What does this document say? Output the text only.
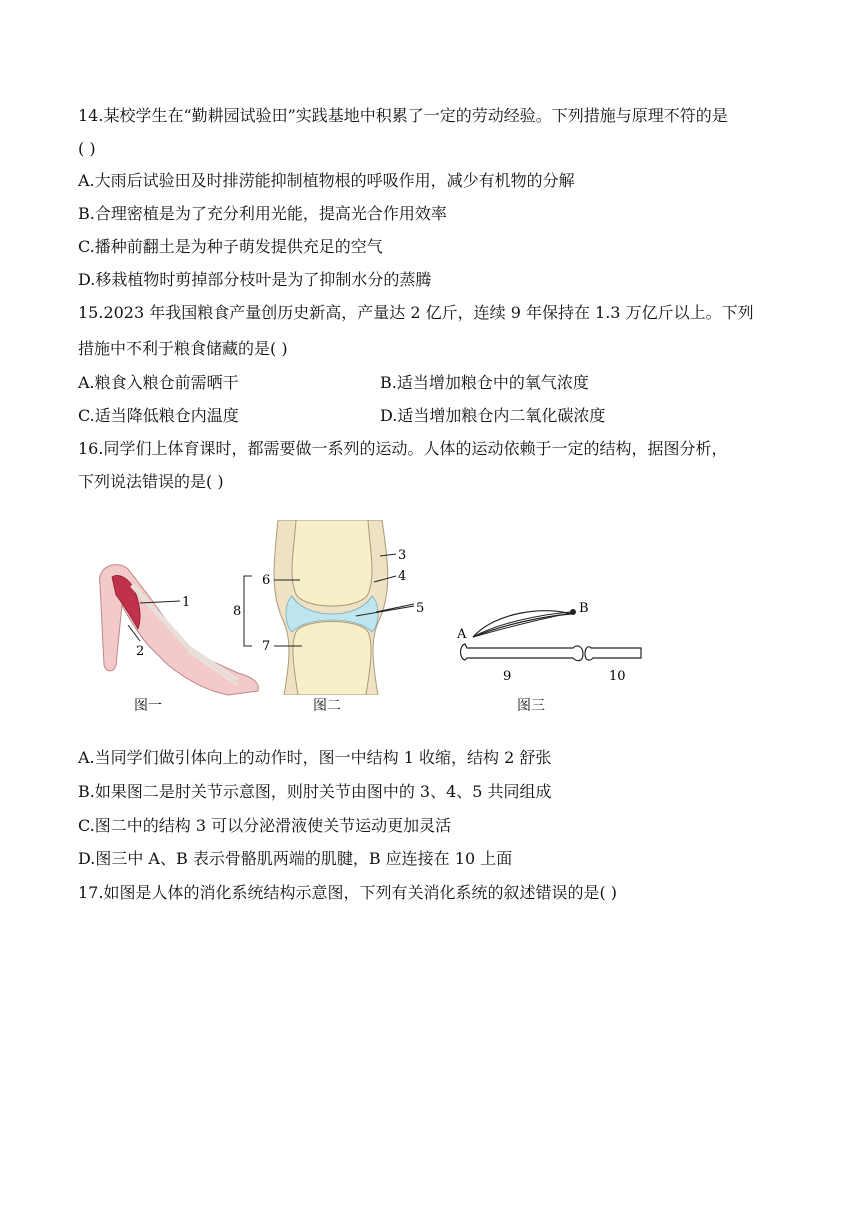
14.某校学生在“勤耕园试验田”实践基地中积累了一定的劳动经验。下列措施与原理不符的是
( )
A.大雨后试验田及时排涝能抑制植物根的呼吸作用，减少有机物的分解
B.合理密植是为了充分利用光能，提高光合作用效率
C.播种前翻土是为种子萌发提供充足的空气
D.移栽植物时剪掉部分枝叶是为了抑制水分的蒸腾
15.2023 年我国粮食产量创历史新高，产量达 2 亿斤，连续 9 年保持在 1.3 万亿斤以上。下列
措施中不利于粮食储藏的是( )
A.粮食入粮仓前需晒干	B.适当增加粮仓中的氧气浓度
C.适当降低粮仓内温度	D.适当增加粮仓内二氧化碳浓度
16.同学们上体育课时，都需要做一系列的运动。人体的运动依赖于一定的结构，据图分析，
下列说法错误的是( )
1
2
图一
3
4
5
6
7
8
图二
A
B
9	10
图三
A.当同学们做引体向上的动作时，图一中结构 1 收缩，结构 2 舒张
B.如果图二是肘关节示意图，则肘关节由图中的 3、4、5 共同组成
C.图二中的结构 3 可以分泌滑液使关节运动更加灵活
D.图三中 A、B 表示骨骼肌两端的肌腱，B 应连接在 10 上面
17.如图是人体的消化系统结构示意图，下列有关消化系统的叙述错误的是( )
